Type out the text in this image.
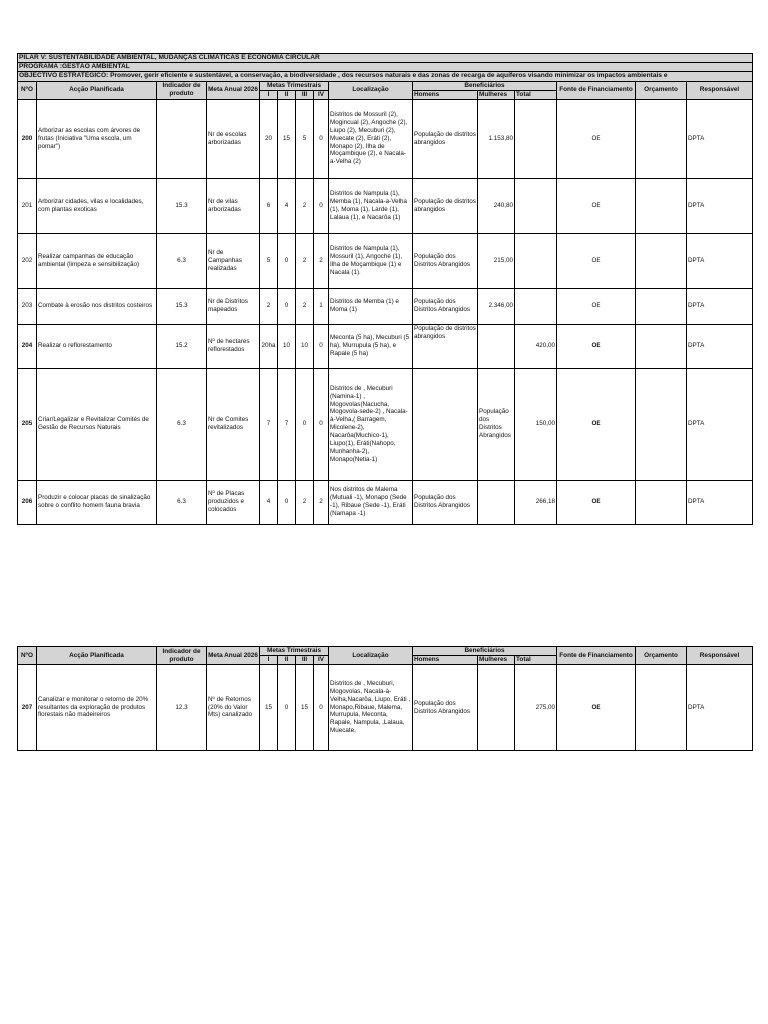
PILAR V: SUSTENTABILIDADE AMBIENTAL, MUDANÇAS CLIMÁTICAS E ECONOMIA CIRCULAR														
PROGRAMA :GESTÃO AMBIENTAL														
OBJECTIVO ESTRATEGICO: Promover, gerir eficiente e sustentável, a conservação, a biodiversidade , dos recursos naturais e das zonas de recarga de aquíferos visando minimizar os impactos ambientais e														
NºO	Acção Planificada	Indicador de produto	Meta Anual 2026	Metas Trimestrais				Localização	Beneficiários			Fonte de Financiamento	Orçamento	Responsável
				I	II	III	IV		Homens	Mulheres	Total			
200	Arborizar as escolas com árvores de frutas (Iniciativa "Uma escola, um pomar")		Nr de escolas arborizadas	20	15	5	0	Distritos de Mossuril (2), Mogincual (2), Angoche (2), Liupo (2), Mecuburi (2), Muecate (2), Eráti (2), Monapo (2), Ilha de Moçambique (2), e Nacala-a-Velha (2)	População de distritos abrangidos	1.153,80		OE		DPTA
201	Arborizar cidades, vilas e localidades, com plantas exoticas	15.3	Nr de vilas arborizadas	6	4	2	0	Distritos de Nampula (1), Memba (1), Nacala-a-Velha (1), Moma (1), Larde (1), Lalaua (1), e Nacarôa (1)	População de distritos abrangidos	240,80		OE		DPTA
202	Realizar campanhas de educação ambiental (limpeza e sensibilização)	6.3	Nr de Campanhas realizadas	5	0	2	2	Distritos de Nampula (1), Mossuril (1), Angoche (1), Ilha de Moçambique (1) e Nacala (1).	População dos Distritos Abrangidos	215,00		OE		DPTA
203	Combate à erosão nos distritos costeiros	15.3	Nr de Distritos mapeados	2	0	2	1	Distritos de Memba (1) e Moma (1)	População dos Distritos Abrangidos	2.346,00		OE		DPTA
204	Realizar o reflorestamento	15.2	Nº de hectares reflorestados	20ha	10	10	0	Meconta (5 ha), Mecuburi (5 ha), Murrupula (5 ha), e Rapale (5 ha)	População de distritos abrangidos		420,00	OE		DPTA
205	Criar/Legalizar e Revitalizar Comités de Gestão de Recursos Naturais	6.3	Nr de Comites revitalizados	7	7	0	0	Distritos de , Mecuburi (Namina-1) , Mogovolas(Nacucha, Mogovola-sede-2) , Nacala-à-Velha,( Barragem, Micolene-2), Nacarôa(Muchico-1), Liupo(1), Eráti(Nahopo, Munhanha-2), Monapo(Netia-1)		População dos Distritos Abrangidos	150,00	OE		DPTA
206	Produzir e colocar placas de sinalização sobre o conflito homem fauna bravia	6.3	Nº de Placas produzidos e colocados	4	0	2	2	Nos distritos de Malema (Mutuali -1), Monapo (Sede -1), Ribaue (Sede -1), Eráti (Namapa -1)	População dos Distritos Abrangidos		266,18	OE		DPTA
NºO	Acção Planificada	Indicador de produto	Meta Anual 2026	Metas Trimestrais				Localização	Beneficiários			Fonte de Financiamento	Orçamento	Responsável
				I	II	III	IV		Homens	Mulheres	Total			
207	Canalizar e monitorar o retorno de 20% resultantes da exploração de produtos florestais não madeireiros	12.3	Nº de Retornos (20% do Valor Mts) canalizado	15	0	15	0	Distritos de , Mecuburi, Mogovolas, Nacala-à-Velha,Nacarôa, Liupo, Eráti , Monapo,Ribaue, Malema, Murrupula, Meconta, Rapale, Nampula, ,Lalaua, Muecate,	População dos Distritos Abrangidos		275,00	OE		DPTA
